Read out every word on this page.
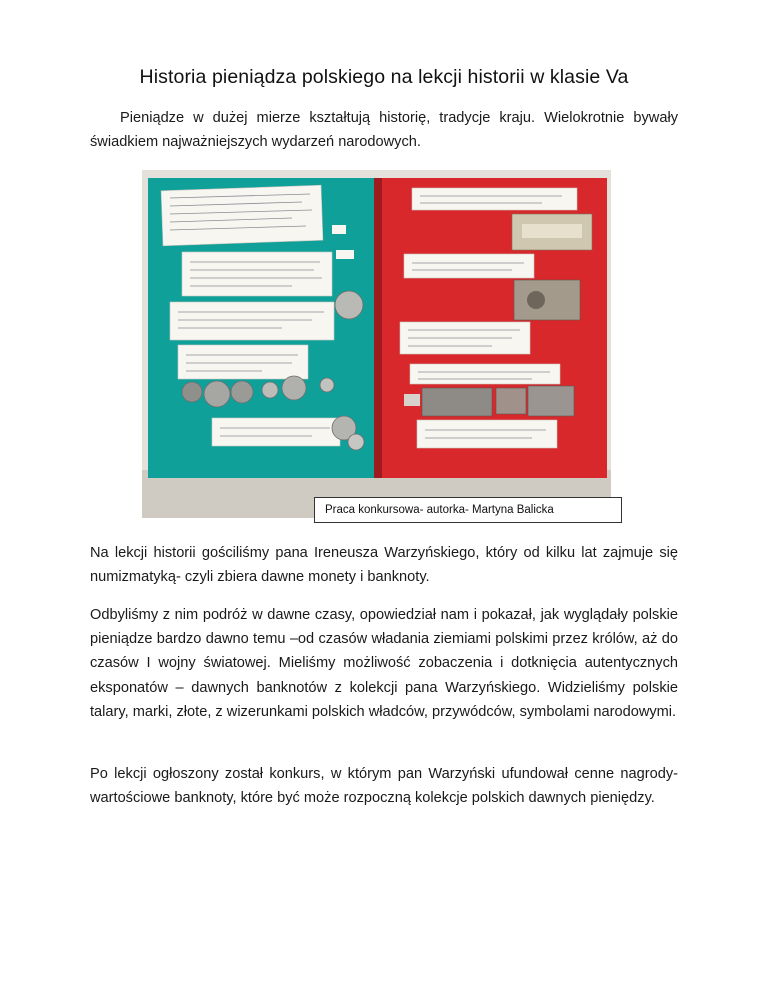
Historia pieniądza polskiego na lekcji historii w klasie Va

Pieniądze w dużej mierze kształtują historię, tradycje kraju. Wielokrotnie bywały świadkiem najważniejszych wydarzeń narodowych.

Praca konkursowa- autorka- Martyna Balicka

Na lekcji historii gościliśmy pana Ireneusza Warzyńskiego, który od kilku lat zajmuje się numizmatyką- czyli zbiera dawne monety i banknoty.

Odbyliśmy z nim podróż w dawne czasy, opowiedział nam i pokazał, jak wyglądały polskie pieniądze bardzo dawno temu –od czasów władania ziemiami polskimi przez królów, aż do czasów I wojny światowej. Mieliśmy możliwość zobaczenia i dotknięcia autentycznych eksponatów – dawnych banknotów z kolekcji pana Warzyńskiego. Widzieliśmy polskie talary, marki, złote, z wizerunkami polskich władców, przywódców, symbolami narodowymi.

Po lekcji ogłoszony został konkurs, w którym pan Warzyński ufundował cenne nagrody- wartościowe banknoty, które być może rozpoczną kolekcje polskich dawnych pieniędzy.
